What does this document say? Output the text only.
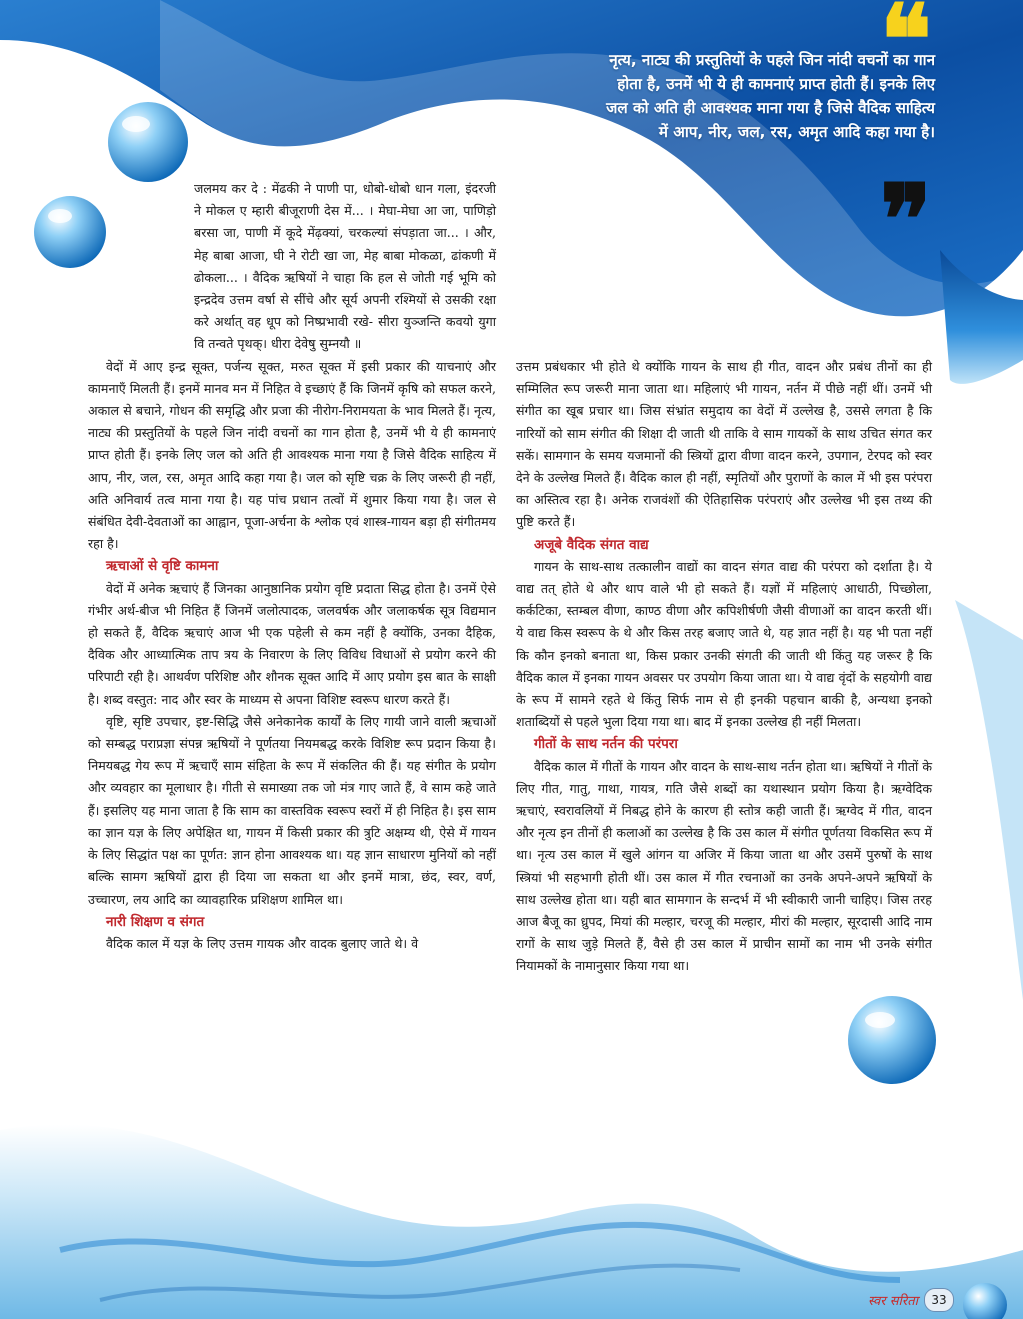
❝
नृत्य, नाट्य की प्रस्तुतियों के पहले जिन नांदी वचनों का गान होता है, उनमें भी ये ही कामनाएं प्राप्त होती हैं। इनके लिए जल को अति ही आवश्यक माना गया है जिसे वैदिक साहित्य में आप, नीर, जल, रस, अमृत आदि कहा गया है।
❞

जलमय कर दे : मेंढकी ने पाणी पा, धोबो-धोबो धान गला, इंदरजी ने मोकल ए म्हारी बीजूराणी देस में... । मेघा-मेघा आ जा, पाणिड़ो बरसा जा, पाणी में कूदे मेंढ़क्यां, चरकल्यां संपड़ाता जा... । और, मेह बाबा आजा, घी ने रोटी खा जा, मेह बाबा मोकळा, ढांकणी में ढोकला... । वैदिक ऋषियों ने चाहा कि हल से जोती गई भूमि को इन्द्रदेव उत्तम वर्षा से सींचे और सूर्य अपनी रश्मियों से उसकी रक्षा करे अर्थात् वह धूप को निष्प्रभावी रखे- सीरा युञ्जन्ति कवयो युगा वि तन्वते पृथक्। धीरा देवेषु सुम्नयौ ॥

वेदों में आए इन्द्र सूक्त, पर्जन्य सूक्त, मरुत सूक्त में इसी प्रकार की याचनाएं और कामनाएँ मिलती हैं। इनमें मानव मन में निहित वे इच्छाएं हैं कि जिनमें कृषि को सफल करने, अकाल से बचाने, गोधन की समृद्धि और प्रजा की नीरोग-निरामयता के भाव मिलते हैं। नृत्य, नाट्य की प्रस्तुतियों के पहले जिन नांदी वचनों का गान होता है, उनमें भी ये ही कामनाएं प्राप्त होती हैं। इनके लिए जल को अति ही आवश्यक माना गया है जिसे वैदिक साहित्य में आप, नीर, जल, रस, अमृत आदि कहा गया है। जल को सृष्टि चक्र के लिए जरूरी ही नहीं, अति अनिवार्य तत्व माना गया है। यह पांच प्रधान तत्वों में शुमार किया गया है। जल से संबंधित देवी-देवताओं का आह्वान, पूजा-अर्चना के श्लोक एवं शास्त्र-गायन बड़ा ही संगीतमय रहा है।

ऋचाओं से वृष्टि कामना

वेदों में अनेक ऋचाएं हैं जिनका आनुष्ठानिक प्रयोग वृष्टि प्रदाता सिद्ध होता है। उनमें ऐसे गंभीर अर्थ-बीज भी निहित हैं जिनमें जलोत्पादक, जलवर्षक और जलाकर्षक सूत्र विद्यमान हो सकते हैं, वैदिक ऋचाएं आज भी एक पहेली से कम नहीं है क्योंकि, उनका दैहिक, दैविक और आध्यात्मिक ताप त्रय के निवारण के लिए विविध विधाओं से प्रयोग करने की परिपाटी रही है। आथर्वण परिशिष्ट और शौनक सूक्त आदि में आए प्रयोग इस बात के साक्षी है। शब्द वस्तुत: नाद और स्वर के माध्यम से अपना विशिष्ट स्वरूप धारण करते हैं।

वृष्टि, सृष्टि उपचार, इष्ट-सिद्धि जैसे अनेकानेक कार्यों के लिए गायी जाने वाली ऋचाओं को सम्बद्ध पराप्रज्ञा संपन्न ऋषियों ने पूर्णतया नियमबद्ध करके विशिष्ट रूप प्रदान किया है। निमयबद्ध गेय रूप में ऋचाएँ साम संहिता के रूप में संकलित की हैं। यह संगीत के प्रयोग और व्यवहार का मूलाधार है। गीती से समाख्या तक जो मंत्र गाए जाते हैं, वे साम कहे जाते हैं। इसलिए यह माना जाता है कि साम का वास्तविक स्वरूप स्वरों में ही निहित है। इस साम का ज्ञान यज्ञ के लिए अपेक्षित था, गायन में किसी प्रकार की त्रुटि अक्षम्य थी, ऐसे में गायन के लिए सिद्धांत पक्ष का पूर्णत: ज्ञान होना आवश्यक था। यह ज्ञान साधारण मुनियों को नहीं बल्कि सामग ऋषियों द्वारा ही दिया जा सकता था और इनमें मात्रा, छंद, स्वर, वर्ण, उच्चारण, लय आदि का व्यावहारिक प्रशिक्षण शामिल था।

नारी शिक्षण व संगत

वैदिक काल में यज्ञ के लिए उत्तम गायक और वादक बुलाए जाते थे। वे

उत्तम प्रबंधकार भी होते थे क्योंकि गायन के साथ ही गीत, वादन और प्रबंध तीनों का ही सम्मिलित रूप जरूरी माना जाता था। महिलाएं भी गायन, नर्तन में पीछे नहीं थीं। उनमें भी संगीत का खूब प्रचार था। जिस संभ्रांत समुदाय का वेदों में उल्लेख है, उससे लगता है कि नारियों को साम संगीत की शिक्षा दी जाती थी ताकि वे साम गायकों के साथ उचित संगत कर सकें। सामगान के समय यजमानों की स्त्रियों द्वारा वीणा वादन करने, उपगान, टेरपद को स्वर देने के उल्लेख मिलते हैं। वैदिक काल ही नहीं, स्मृतियों और पुराणों के काल में भी इस परंपरा का अस्तित्व रहा है। अनेक राजवंशों की ऐतिहासिक परंपराएं और उल्लेख भी इस तथ्य की पुष्टि करते हैं।

अजूबे वैदिक संगत वाद्य

गायन के साथ-साथ तत्कालीन वाद्यों का वादन संगत वाद्य की परंपरा को दर्शाता है। ये वाद्य तत् होते थे और थाप वाले भी हो सकते हैं। यज्ञों में महिलाएं आधाठी, पिच्छोला, कर्कटिका, स्तम्बल वीणा, काण्ठ वीणा और कपिशीर्षणी जैसी वीणाओं का वादन करती थीं। ये वाद्य किस स्वरूप के थे और किस तरह बजाए जाते थे, यह ज्ञात नहीं है। यह भी पता नहीं कि कौन इनको बनाता था, किस प्रकार उनकी संगती की जाती थी किंतु यह जरूर है कि वैदिक काल में इनका गायन अवसर पर उपयोग किया जाता था। ये वाद्य वृंदों के सहयोगी वाद्य के रूप में सामने रहते थे किंतु सिर्फ नाम से ही इनकी पहचान बाकी है, अन्यथा इनको शताब्दियों से पहले भुला दिया गया था। बाद में इनका उल्लेख ही नहीं मिलता।

गीतों के साथ नर्तन की परंपरा

वैदिक काल में गीतों के गायन और वादन के साथ-साथ नर्तन होता था। ऋषियों ने गीतों के लिए गीत, गातु, गाथा, गायत्र, गति जैसे शब्दों का यथास्थान प्रयोग किया है। ऋग्वेदिक ऋचाएं, स्वरावलियों में निबद्ध होने के कारण ही स्तोत्र कही जाती हैं। ऋग्वेद में गीत, वादन और नृत्य इन तीनों ही कलाओं का उल्लेख है कि उस काल में संगीत पूर्णतया विकसित रूप में था। नृत्य उस काल में खुले आंगन या अजिर में किया जाता था और उसमें पुरुषों के साथ स्त्रियां भी सहभागी होती थीं। उस काल में गीत रचनाओं का उनके अपने-अपने ऋषियों के साथ उल्लेख होता था। यही बात सामगान के सन्दर्भ में भी स्वीकारी जानी चाहिए। जिस तरह आज बैजू का ध्रुपद, मियां की मल्हार, चरजू की मल्हार, मीरां की मल्हार, सूरदासी आदि नाम रागों के साथ जुड़े मिलते हैं, वैसे ही उस काल में प्राचीन सामों का नाम भी उनके संगीत नियामकों के नामानुसार किया गया था।

स्वर सरिता	33
